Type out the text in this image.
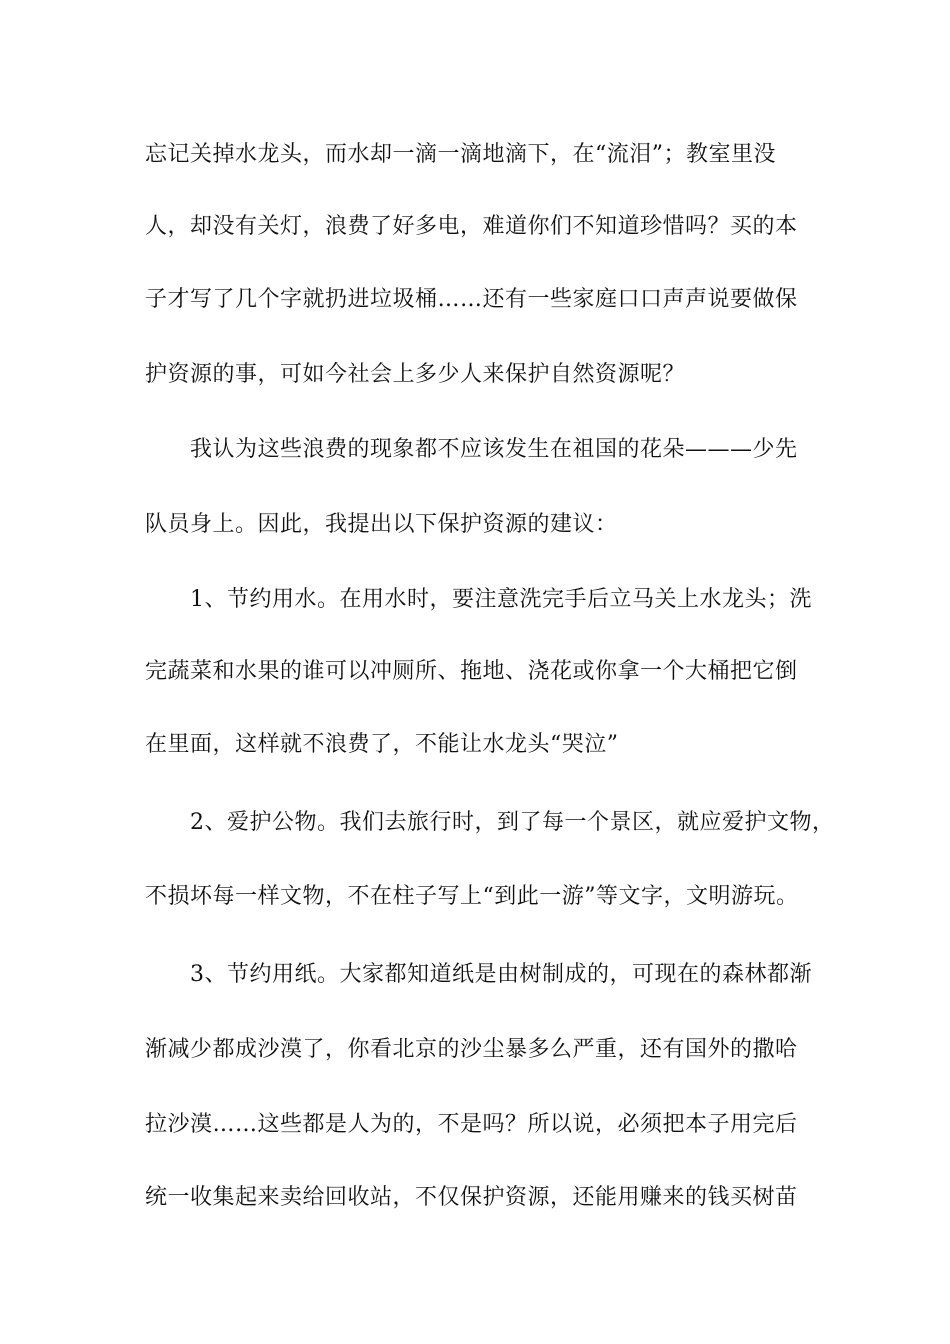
忘记关掉水龙头，而水却一滴一滴地滴下，在“流泪”；教室里没
人，却没有关灯，浪费了好多电，难道你们不知道珍惜吗？买的本
子才写了几个字就扔进垃圾桶……还有一些家庭口口声声说要做保
护资源的事，可如今社会上多少人来保护自然资源呢？
我认为这些浪费的现象都不应该发生在祖国的花朵———少先
队员身上。因此，我提出以下保护资源的建议：
1、节约用水。在用水时，要注意洗完手后立马关上水龙头；洗
完蔬菜和水果的谁可以冲厕所、拖地、浇花或你拿一个大桶把它倒
在里面，这样就不浪费了，不能让水龙头“哭泣”
2、爱护公物。我们去旅行时，到了每一个景区，就应爱护文物，
不损坏每一样文物，不在柱子写上“到此一游”等文字，文明游玩。
3、节约用纸。大家都知道纸是由树制成的，可现在的森林都渐
渐减少都成沙漠了，你看北京的沙尘暴多么严重，还有国外的撒哈
拉沙漠……这些都是人为的，不是吗？所以说，必须把本子用完后
统一收集起来卖给回收站，不仅保护资源，还能用赚来的钱买树苗
